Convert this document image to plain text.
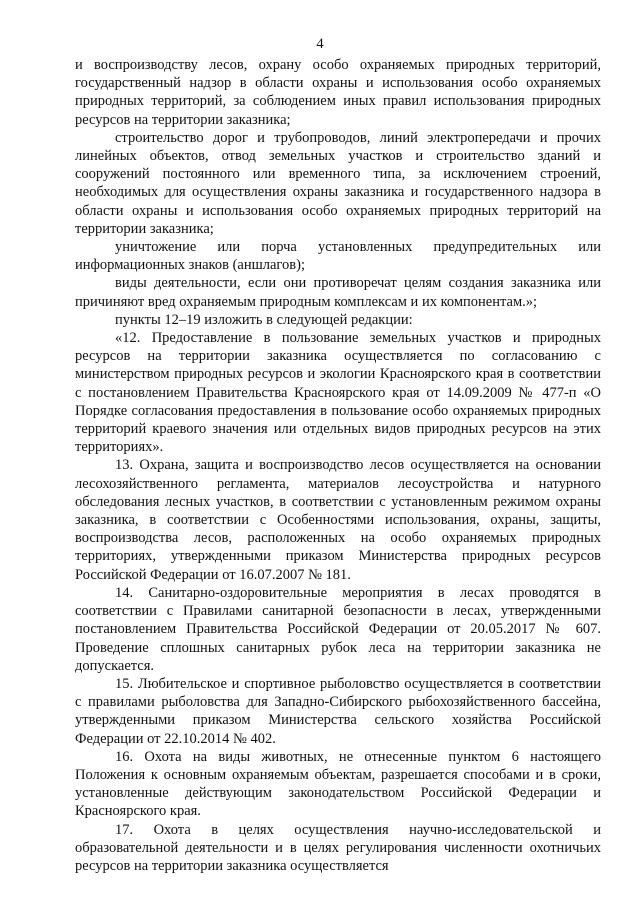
4

и воспроизводству лесов, охрану особо охраняемых природных территорий, государственный надзор в области охраны и использования особо охраняемых природных территорий, за соблюдением иных правил использования природных ресурсов на территории заказника;

строительство дорог и трубопроводов, линий электропередачи и прочих линейных объектов, отвод земельных участков и строительство зданий и сооружений постоянного или временного типа, за исключением строений, необходимых для осуществления охраны заказника и государственного надзора в области охраны и использования особо охраняемых природных территорий на территории заказника;

уничтожение или порча установленных предупредительных или информационных знаков (аншлагов);

виды деятельности, если они противоречат целям создания заказника или причиняют вред охраняемым природным комплексам и их компонентам.»;

пункты 12–19 изложить в следующей редакции:

«12. Предоставление в пользование земельных участков и природных ресурсов на территории заказника осуществляется по согласованию с министерством природных ресурсов и экологии Красноярского края в соответствии с постановлением Правительства Красноярского края от 14.09.2009 № 477-п «О Порядке согласования предоставления в пользование особо охраняемых природных территорий краевого значения или отдельных видов природных ресурсов на этих территориях».

13. Охрана, защита и воспроизводство лесов осуществляется на основании лесохозяйственного регламента, материалов лесоустройства и натурного обследования лесных участков, в соответствии с установленным режимом охраны заказника, в соответствии с Особенностями использования, охраны, защиты, воспроизводства лесов, расположенных на особо охраняемых природных территориях, утвержденными приказом Министерства природных ресурсов Российской Федерации от 16.07.2007 № 181.

14. Санитарно-оздоровительные мероприятия в лесах проводятся в соответствии с Правилами санитарной безопасности в лесах, утвержденными постановлением Правительства Российской Федерации от 20.05.2017 № 607. Проведение сплошных санитарных рубок леса на территории заказника не допускается.

15. Любительское и спортивное рыболовство осуществляется в соответствии с правилами рыболовства для Западно-Сибирского рыбохозяйственного бассейна, утвержденными приказом Министерства сельского хозяйства Российской Федерации от 22.10.2014 № 402.

16. Охота на виды животных, не отнесенные пунктом 6 настоящего Положения к основным охраняемым объектам, разрешается способами и в сроки, установленные действующим законодательством Российской Федерации и Красноярского края.

17. Охота в целях осуществления научно-исследовательской и образовательной деятельности и в целях регулирования численности охотничьих ресурсов на территории заказника осуществляется
